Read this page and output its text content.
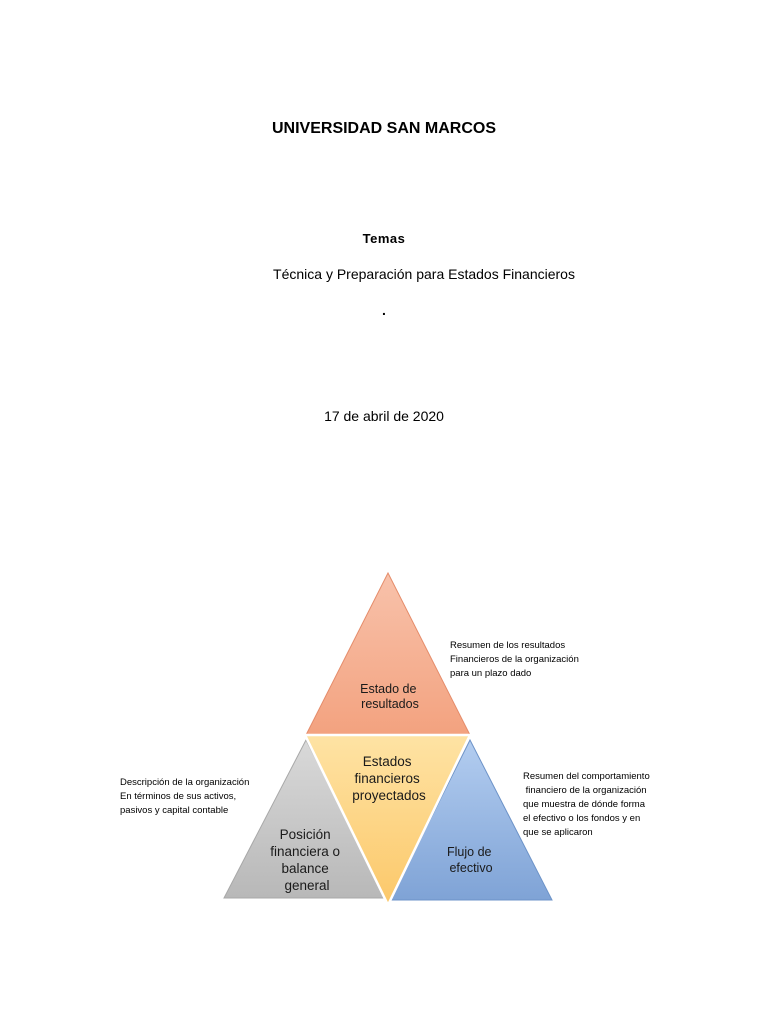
UNIVERSIDAD SAN MARCOS
Temas
Técnica y Preparación para Estados Financieros
.
17 de abril de 2020
Estado de resultados
Estados financieros proyectados
Posición financiera o balance general
Flujo de efectivo
Resumen de los resultados Financieros de la organización para un plazo dado
Descripción de la organización En términos de sus activos, pasivos y capital contable
Resumen del comportamiento      financiero de la organización que muestra de dónde forma el efectivo o los fondos y en que se aplicaron
